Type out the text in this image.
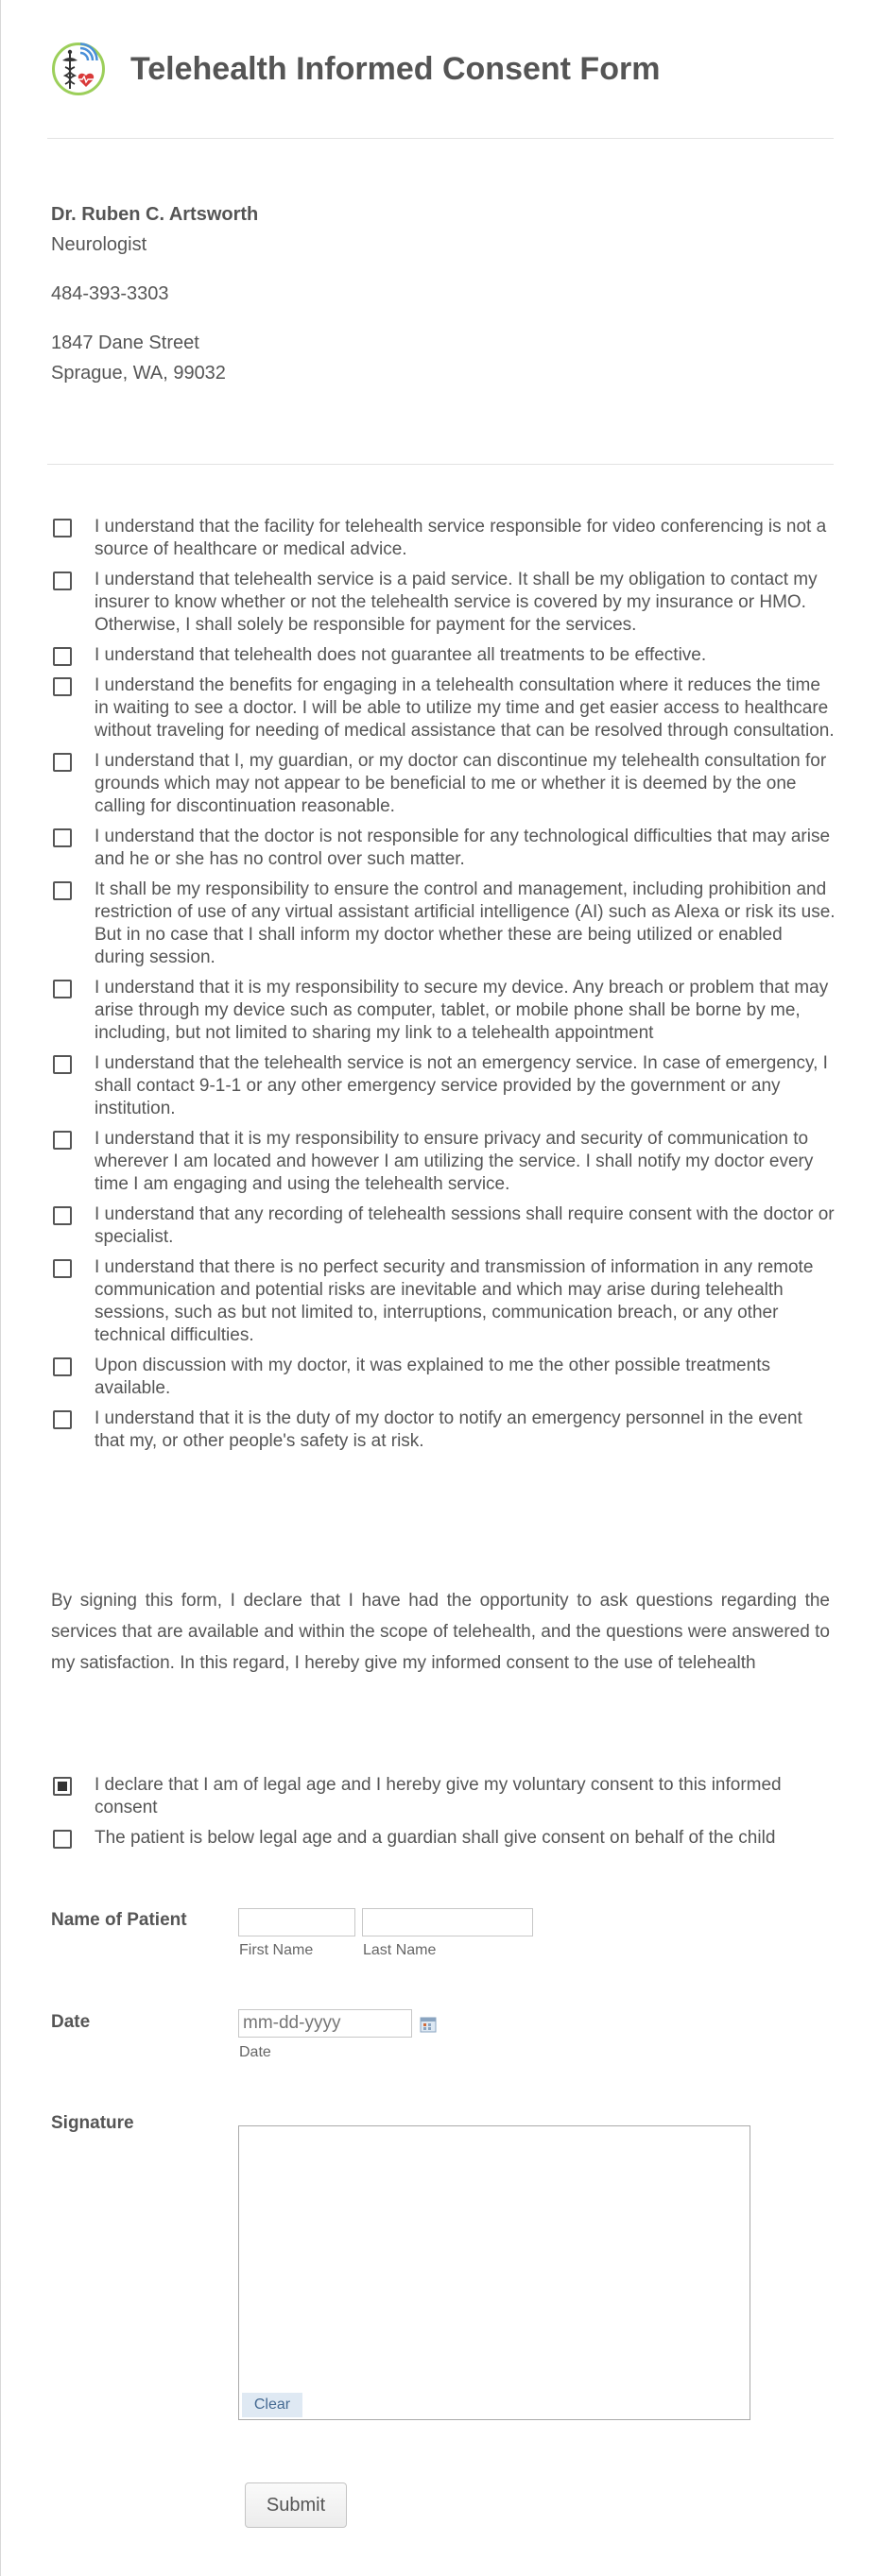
Telehealth Informed Consent Form
Dr. Ruben C. Artsworth
Neurologist
484-393-3303
1847 Dane Street
Sprague, WA, 99032
I understand that the facility for telehealth service responsible for video conferencing is not a source of healthcare or medical advice.
I understand that telehealth service is a paid service. It shall be my obligation to contact my insurer to know whether or not the telehealth service is covered by my insurance or HMO. Otherwise, I shall solely be responsible for payment for the services.
I understand that telehealth does not guarantee all treatments to be effective.
I understand the benefits for engaging in a telehealth consultation where it reduces the time in waiting to see a doctor. I will be able to utilize my time and get easier access to healthcare without traveling for needing of medical assistance that can be resolved through consultation.
I understand that I, my guardian, or my doctor can discontinue my telehealth consultation for grounds which may not appear to be beneficial to me or whether it is deemed by the one calling for discontinuation reasonable.
I understand that the doctor is not responsible for any technological difficulties that may arise and he or she has no control over such matter.
It shall be my responsibility to ensure the control and management, including prohibition and restriction of use of any virtual assistant artificial intelligence (AI) such as Alexa or risk its use. But in no case that I shall inform my doctor whether these are being utilized or enabled during session.
I understand that it is my responsibility to secure my device. Any breach or problem that may arise through my device such as computer, tablet, or mobile phone shall be borne by me, including, but not limited to sharing my link to a telehealth appointment
I understand that the telehealth service is not an emergency service. In case of emergency, I shall contact 9-1-1 or any other emergency service provided by the government or any institution.
I understand that it is my responsibility to ensure privacy and security of communication to wherever I am located and however I am utilizing the service. I shall notify my doctor every time I am engaging and using the telehealth service.
I understand that any recording of telehealth sessions shall require consent with the doctor or specialist.
I understand that there is no perfect security and transmission of information in any remote communication and potential risks are inevitable and which may arise during telehealth sessions, such as but not limited to, interruptions, communication breach, or any other technical difficulties.
Upon discussion with my doctor, it was explained to me the other possible treatments available.
I understand that it is the duty of my doctor to notify an emergency personnel in the event that my, or other people's safety is at risk.

By signing this form, I declare that I have had the opportunity to ask questions regarding the services that are available and within the scope of telehealth, and the questions were answered to my satisfaction. In this regard, I hereby give my informed consent to the use of telehealth

I declare that I am of legal age and I hereby give my voluntary consent to this informed consent
The patient is below legal age and a guardian shall give consent on behalf of the child
Name of Patient
First Name	Last Name
Date
mm-dd-yyyy
Date
Signature
Clear
Submit
